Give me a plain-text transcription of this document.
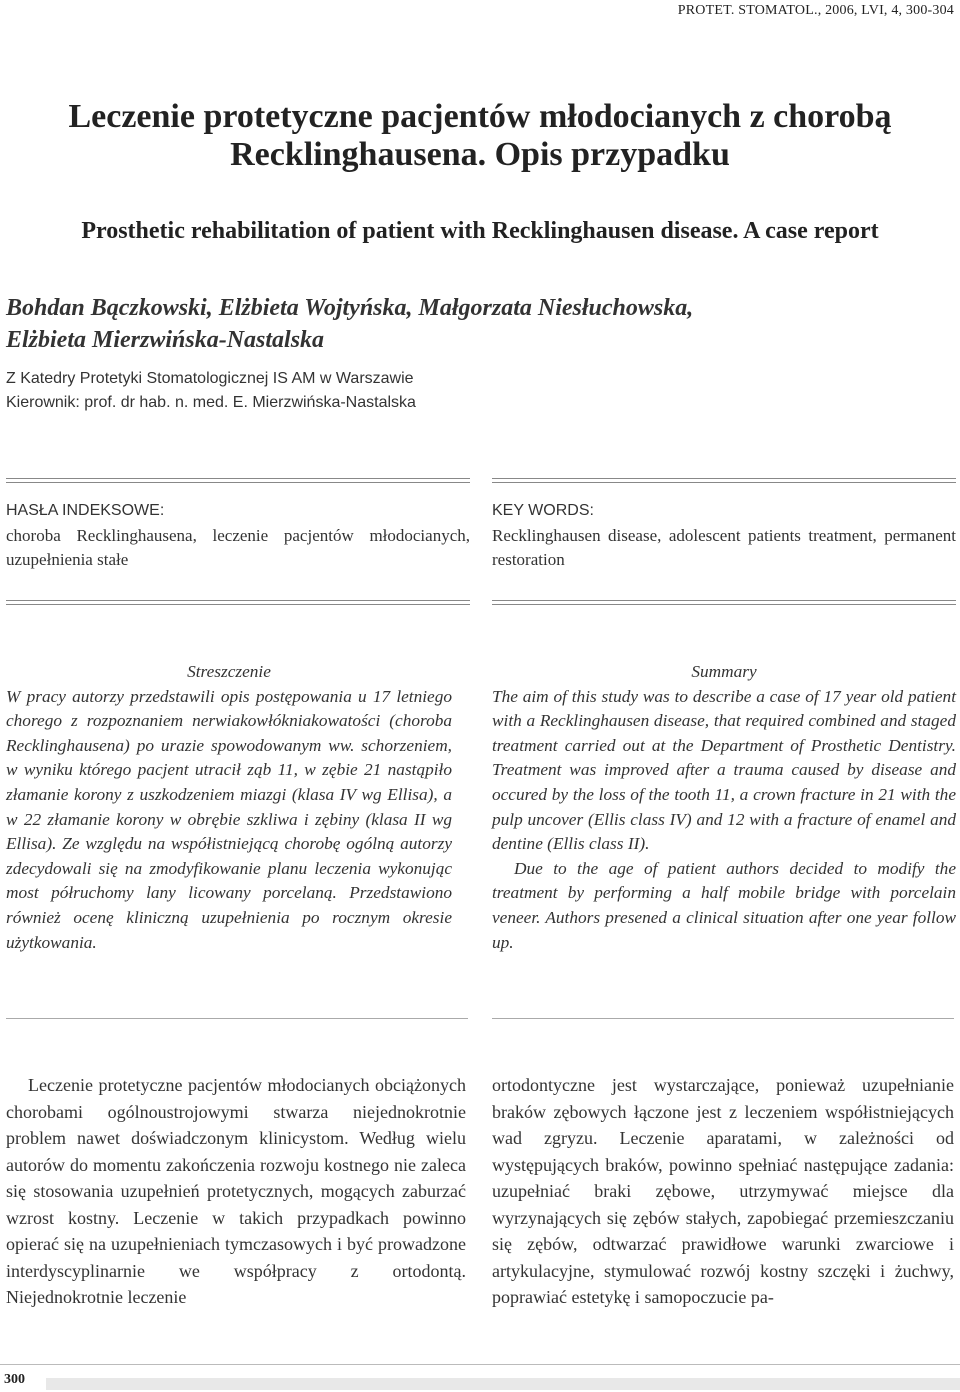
PROTET. STOMATOL., 2006, LVI, 4, 300-304
Leczenie protetyczne pacjentów młodocianych z chorobą
Recklinghausena. Opis przypadku
Prosthetic rehabilitation of patient with Recklinghausen disease. A case report
Bohdan Bączkowski, Elżbieta Wojtyńska, Małgorzata Niesłuchowska,
Elżbieta Mierzwińska-Nastalska
Z Katedry Protetyki Stomatologicznej IS AM w Warszawie
Kierownik: prof. dr hab. n. med. E. Mierzwińska-Nastalska
HASŁA INDEKSOWE:
choroba Recklinghausena, leczenie pacjentów młodocianych, uzupełnienia stałe
KEY WORDS:
Recklinghausen disease, adolescent patients treatment, permanent restoration

Streszczenie

W pracy autorzy przedstawili opis postępowania u 17 letniego chorego z rozpoznaniem nerwiakowłókniakowatości (choroba Recklinghausena) po urazie spowodowanym ww. schorzeniem, w wyniku którego pacjent utracił ząb 11, w zębie 21 nastąpiło złamanie korony z uszkodzeniem miazgi (klasa IV wg Ellisa), a w 22 złamanie korony w obrębie szkliwa i zębiny (klasa II wg Ellisa). Ze względu na współistniejącą chorobę ogólną autorzy zdecydowali się na zmodyfikowanie planu leczenia wykonując most półruchomy lany licowany porcelaną. Przedstawiono również ocenę kliniczną uzupełnienia po rocznym okresie użytkowania.

Summary

The aim of this study was to describe a case of 17 year old patient with a Recklinghausen disease, that required combined and staged treatment carried out at the Department of Prosthetic Dentistry. Treatment was improved after a trauma caused by disease and occured by the loss of the tooth 11, a crown fracture in 21 with the pulp uncover (Ellis class IV) and 12 with a fracture of enamel and dentine (Ellis class II).

Due to the age of patient authors decided to modify the treatment by performing a half mobile bridge with porcelain veneer. Authors presened a clinical situation after one year follow up.

Leczenie protetyczne pacjentów młodocianych obciążonych chorobami ogólnoustrojowymi stwarza niejednokrotnie problem nawet doświadczonym klinicystom. Według wielu autorów do momentu zakończenia rozwoju kostnego nie zaleca się stosowania uzupełnień protetycznych, mogących zaburzać wzrost kostny. Leczenie w takich przypadkach powinno opierać się na uzupełnieniach tymczasowych i być prowadzone interdyscyplinarnie we współpracy z ortodontą. Niejednokrotnie leczenie
ortodontyczne jest wystarczające, ponieważ uzupełnianie braków zębowych łączone jest z leczeniem współistniejących wad zgryzu. Leczenie aparatami, w zależności od występujących braków, powinno spełniać następujące zadania: uzupełniać braki zębowe, utrzymywać miejsce dla wyrzynających się zębów stałych, zapobiegać przemieszczaniu się zębów, odtwarzać prawidłowe warunki zwarciowe i artykulacyjne, stymulować rozwój kostny szczęki i żuchwy, poprawiać estetykę i samopoczucie pa-
300
